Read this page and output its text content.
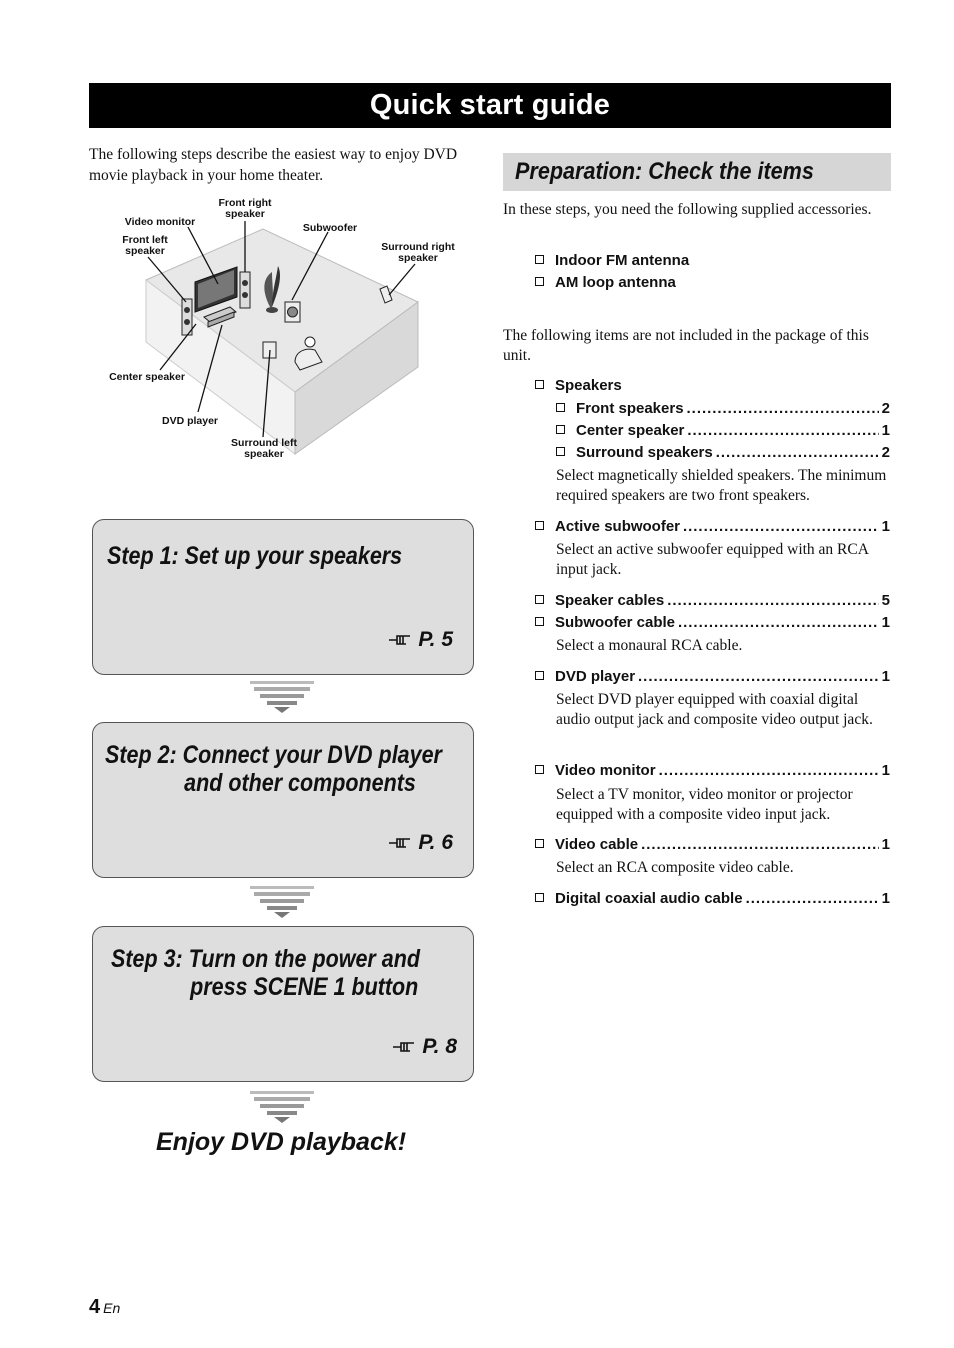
Quick start guide

The following steps describe the easiest way to enjoy DVD movie playback in your home theater.

Front right
speaker
Video monitor
Front left
speaker
Subwoofer
Surround right
speaker
Center speaker
DVD player
Surround left
speaker
Step 1: Set up your speakers
P. 5
Step 2: Connect your DVD player
and other components
P. 6
Step 3: Turn on the power and
press SCENE 1 button
P. 8
Enjoy DVD playback!
Preparation: Check the items

In these steps, you need the following supplied accessories.

Indoor FM antenna
AM loop antenna

The following items are not included in the package of this unit.

Speakers
Front speakers . . .	2
Center speaker . . .	1
Surround speakers . . .	2

Select magnetically shielded speakers. The minimum required speakers are two front speakers.

Active subwoofer . . .	1

Select an active subwoofer equipped with an RCA input jack.

Speaker cables . . .	5
Subwoofer cable . . .	1

Select a monaural RCA cable.

DVD player . . .	1

Select DVD player equipped with coaxial digital audio output jack and composite video output jack.

Video monitor . . .	1

Select a TV monitor, video monitor or projector equipped with a composite video input jack.

Video cable . . .	1

Select an RCA composite video cable.

Digital coaxial audio cable . . .	1
4 En
